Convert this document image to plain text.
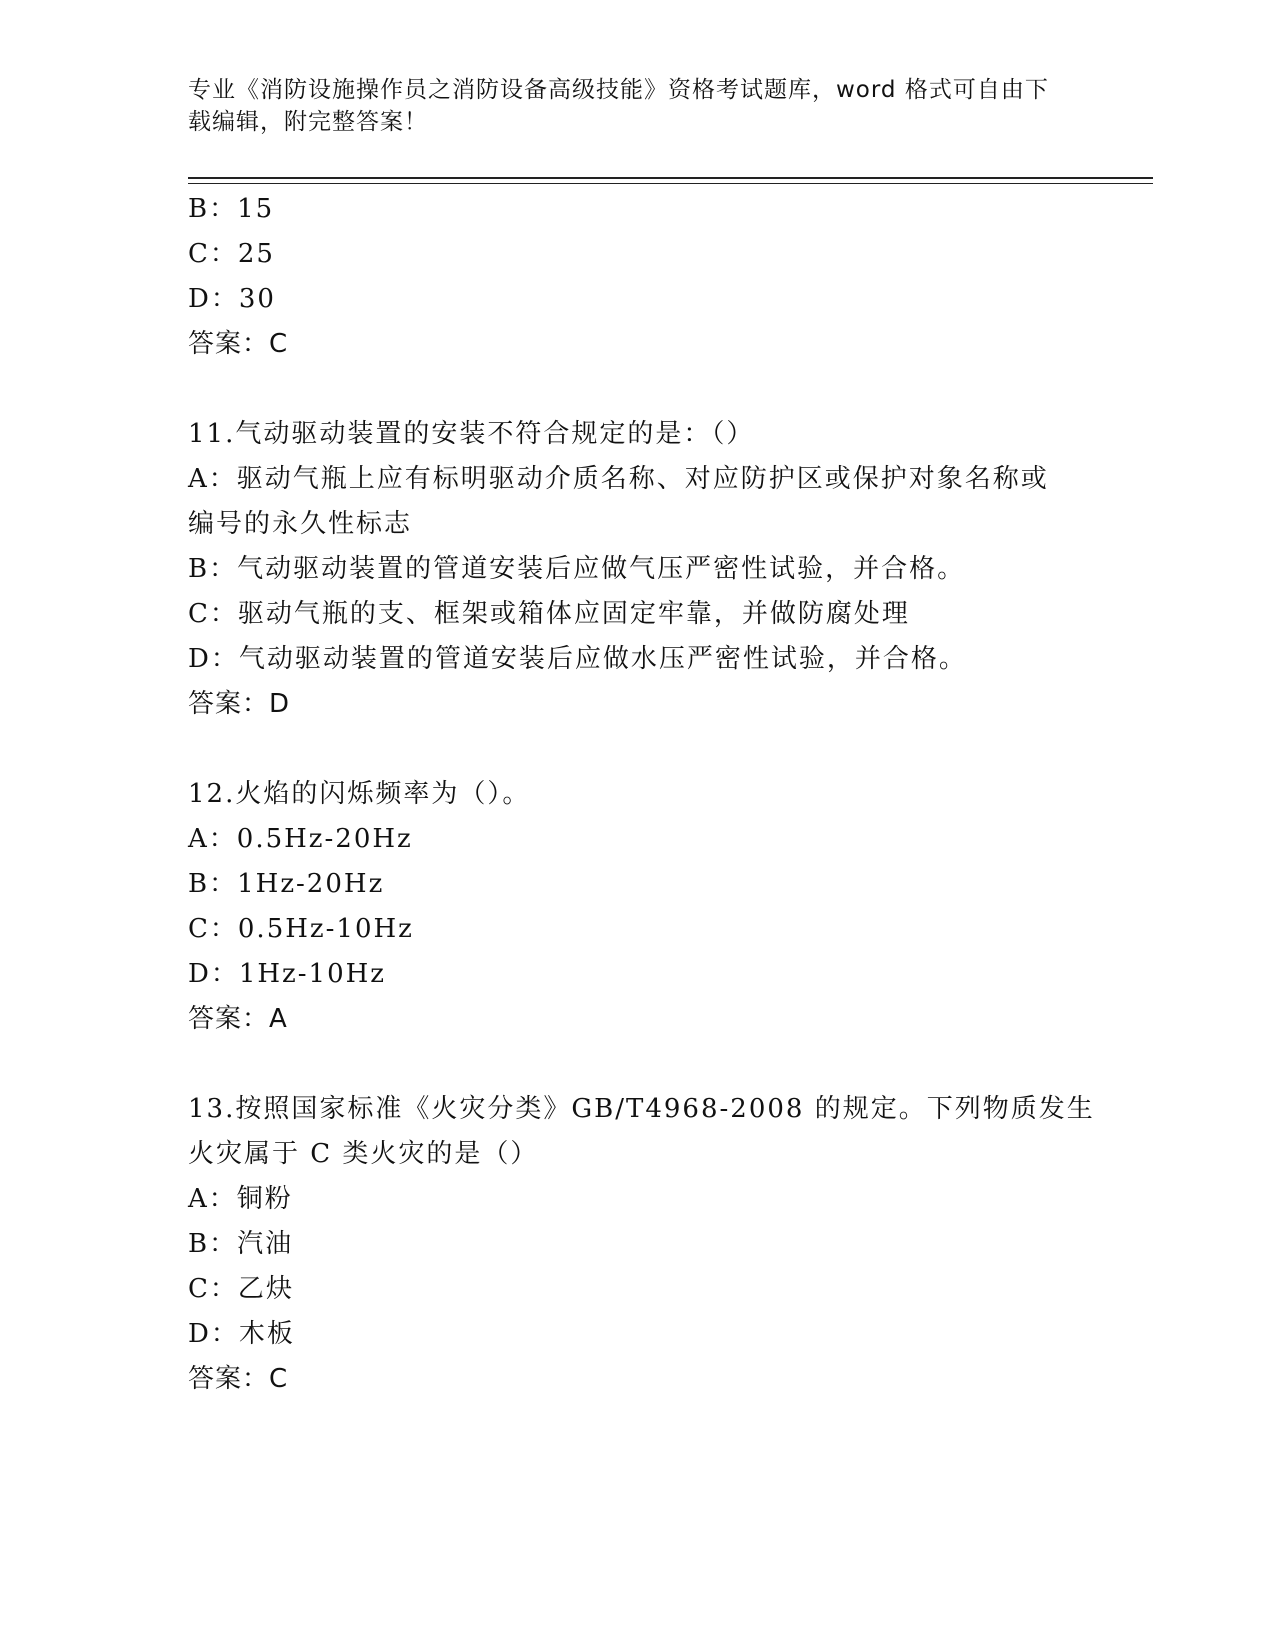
专业《消防设施操作员之消防设备高级技能》资格考试题库，word 格式可自由下
载编辑，附完整答案！
B：15
C：25
D：30
答案：C
11.气动驱动装置的安装不符合规定的是：（）
A：驱动气瓶上应有标明驱动介质名称、对应防护区或保护对象名称或
编号的永久性标志
B：气动驱动装置的管道安装后应做气压严密性试验，并合格。
C：驱动气瓶的支、框架或箱体应固定牢靠，并做防腐处理
D：气动驱动装置的管道安装后应做水压严密性试验，并合格。
答案：D
12.火焰的闪烁频率为（）。
A：0.5Hz-20Hz
B：1Hz-20Hz
C：0.5Hz-10Hz
D：1Hz-10Hz
答案：A
13.按照国家标准《火灾分类》GB/T4968-2008 的规定。下列物质发生
火灾属于 C 类火灾的是（）
A：铜粉
B：汽油
C：乙炔
D：木板
答案：C
